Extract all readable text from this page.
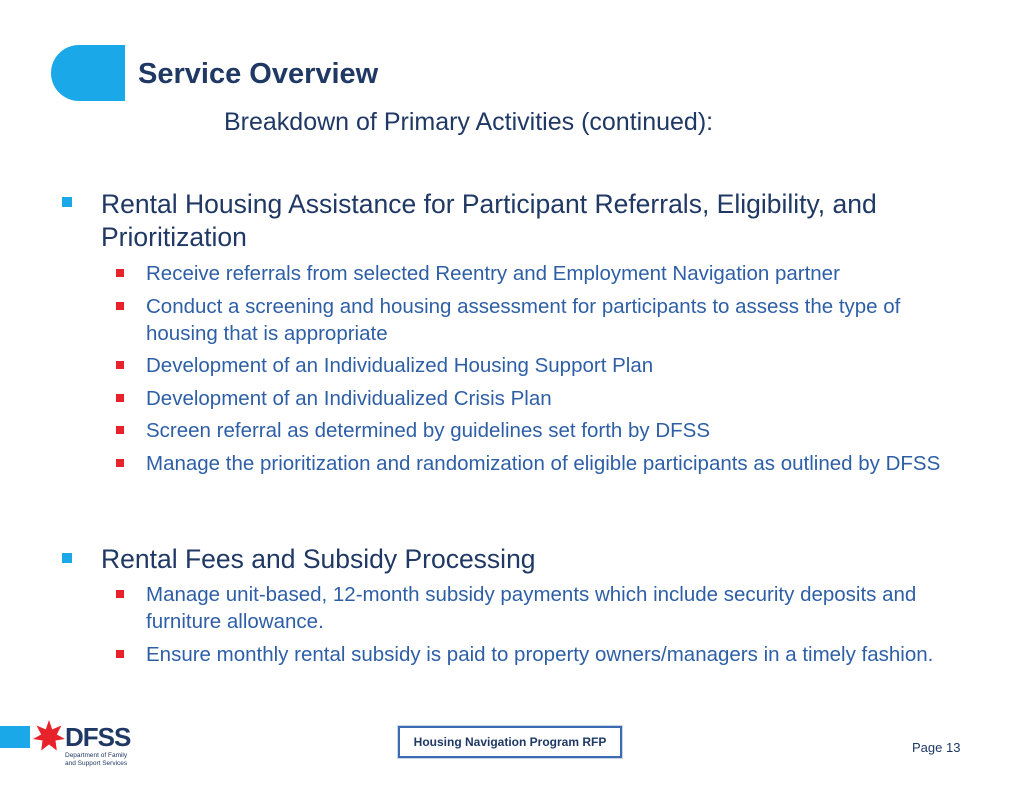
Service Overview
Breakdown of Primary Activities (continued):
Rental Housing Assistance for Participant Referrals, Eligibility, and Prioritization
Receive referrals from selected Reentry and Employment Navigation partner
Conduct a screening and housing assessment for participants to assess the type of housing that is appropriate
Development of an Individualized Housing Support Plan
Development of an Individualized Crisis Plan
Screen referral as determined by guidelines set forth by DFSS
Manage the prioritization and randomization of eligible participants as outlined by DFSS
Rental Fees and Subsidy Processing
Manage unit-based, 12-month subsidy payments which include security deposits and furniture allowance.
Ensure monthly rental subsidy is paid to property owners/managers in a timely fashion.
DFSS
Department of Family and Support Services
Housing Navigation Program RFP	Page 13
